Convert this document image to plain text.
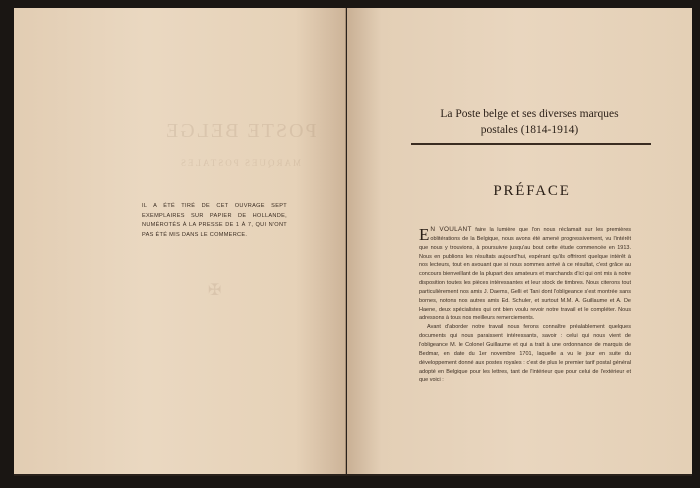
POSTE BELGE
MARQUES POSTALES
✠
IL A ÉTÉ TIRÉ DE CET OUVRAGE SEPT EXEMPLAIRES SUR PAPIER DE HOLLANDE, NUMÉROTÉS À LA PRESSE DE 1 À 7, QUI N'ONT PAS ÉTÉ MIS DANS LE COMMERCE.
La Poste belge et ses diverses marques
postales (1814-1914)
PRÉFACE

E N VOULANT faire la lumière que l'on nous réclamait sur les premières oblitérations de la Belgique, nous avons été amené progressivement, vu l'intérêt que nous y trouvions, à poursuivre jusqu'au bout cette étude commencée en 1913. Nous en publions les résultats aujourd'hui, espérant qu'ils offriront quelque intérêt à nos lecteurs, tout en avouant que si nous sommes arrivé à ce résultat, c'est grâce au concours bienveillant de la plupart des amateurs et marchands d'ici qui ont mis à notre disposition toutes les pièces intéressantes et leur stock de timbres. Nous citerons tout particulièrement nos amis J. Daems, Gelli et Tani dont l'obligeance s'est montrée sans bornes, notons nos autres amis Ed. Schuler, et surtout M.M. A. Guillaume et A. De Haene, deux spécialistes qui ont bien voulu revoir notre travail et le compléter. Nous adressons à tous nos meilleurs remerciements.

Avant d'aborder notre travail nous ferons connaître préalablement quelques documents qui nous paraissent intéressants, savoir : celui qui nous vient de l'obligeance M. le Colonel Guillaume et qui a trait à une ordonnance de marquis de Bedmar, en date du 1er novembre 1701, laquelle a vu le jour en suite du développement donné aux postes royales : c'est de plus le premier tarif postal général adopté en Belgique pour les lettres, tant de l'intérieur que pour celui de l'extérieur et que voici :
